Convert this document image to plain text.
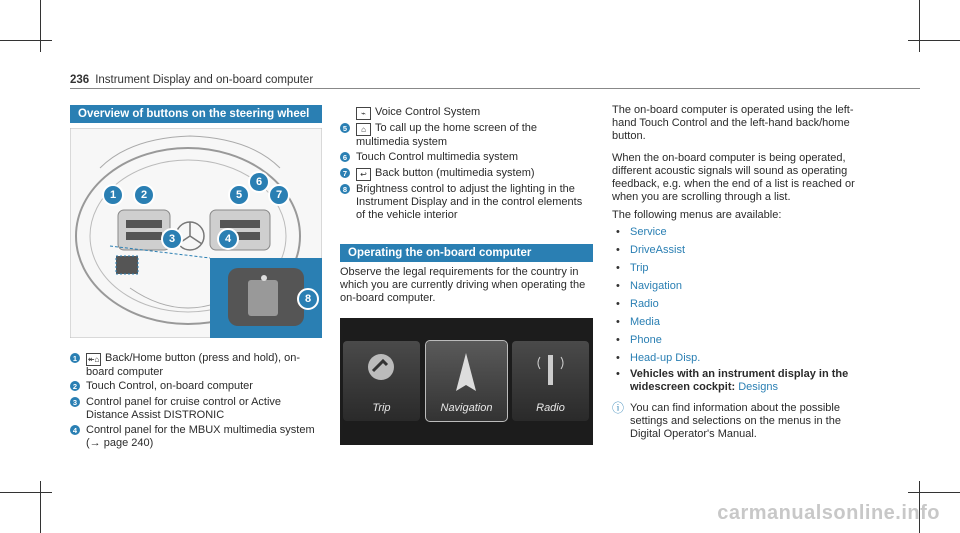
236 Instrument Display and on-board computer
Overview of buttons on the steering wheel
1	2
3	4
5
6
7
8
1	↞⌂ Back/Home button (press and hold), on-board computer
2 Touch Control, on-board computer
3 Control panel for cruise control or Active Distance Assist DISTRONIC
4 Control panel for the MBUX multimedia system (→ page 240)
⌁ Voice Control System
5	⌂ To call up the home screen of the multimedia system
6 Touch Control multimedia system
7	↩ Back button (multimedia system)
8 Brightness control to adjust the lighting in the Instrument Display and in the control elements of the vehicle interior
Operating the on-board computer
Observe the legal requirements for the country in which you are currently driving when operating the on-board computer.
Trip	Navigation	Radio
The on-board computer is operated using the left-hand Touch Control and the left-hand back/home button.
When the on-board computer is being operated, different acoustic signals will sound as operating feedback, e.g. when the end of a list is reached or when you are scrolling through a list.
The following menus are available:
• Service
• DriveAssist
• Trip
• Navigation
• Radio
• Media
• Phone
• Head-up Disp.
• Vehicles with an instrument display in the widescreen cockpit: Designs
ⓘ You can find information about the possible settings and selections on the menus in the Digital Operator's Manual.
carmanualsonline.info
